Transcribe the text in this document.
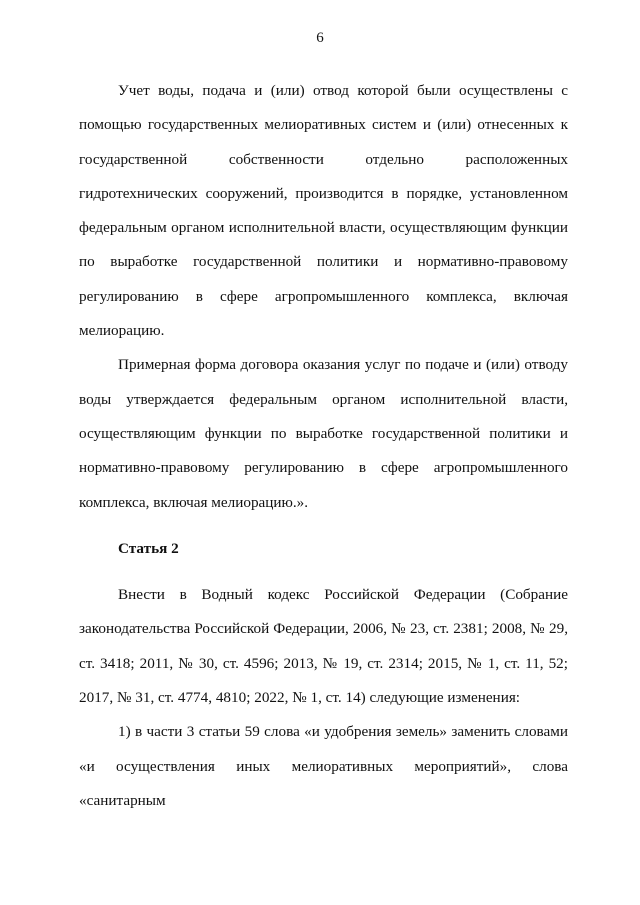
6

Учет воды, подача и (или) отвод которой были осуществлены с помощью государственных мелиоративных систем и (или) отнесенных к государственной собственности отдельно расположенных гидротехнических сооружений, производится в порядке, установленном федеральным органом исполнительной власти, осуществляющим функции по выработке государственной политики и нормативно-правовому регулированию в сфере агропромышленного комплекса, включая мелиорацию.

Примерная форма договора оказания услуг по подаче и (или) отводу воды утверждается федеральным органом исполнительной власти, осуществляющим функции по выработке государственной политики и нормативно-правовому регулированию в сфере агропромышленного комплекса, включая мелиорацию.».

Статья 2

Внести в Водный кодекс Российской Федерации (Собрание законодательства Российской Федерации, 2006, № 23, ст. 2381; 2008, № 29, ст. 3418; 2011, № 30, ст. 4596; 2013, № 19, ст. 2314; 2015, № 1, ст. 11, 52; 2017, № 31, ст. 4774, 4810; 2022, № 1, ст. 14) следующие изменения:

1) в части 3 статьи 59 слова «и удобрения земель» заменить словами «и осуществления иных мелиоративных мероприятий», слова «санитарным
